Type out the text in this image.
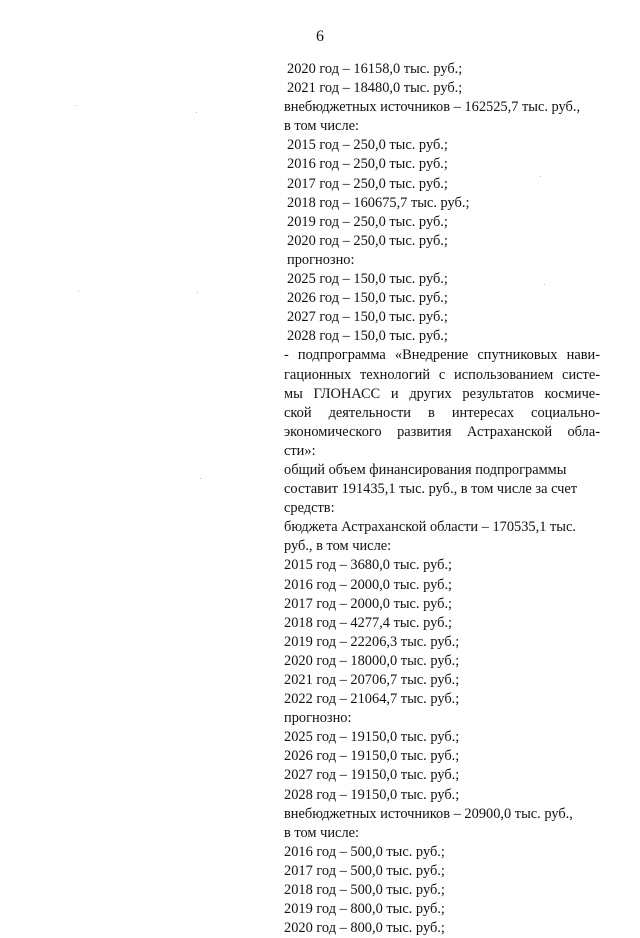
6
2020 год – 16158,0 тыс. руб.;
2021 год – 18480,0 тыс. руб.;
внебюджетных источников – 162525,7 тыс. руб.,
в том числе:
2015 год – 250,0 тыс. руб.;
2016 год – 250,0 тыс. руб.;
2017 год – 250,0 тыс. руб.;
2018 год – 160675,7 тыс. руб.;
2019 год – 250,0 тыс. руб.;
2020 год – 250,0 тыс. руб.;
прогнозно:
2025 год – 150,0 тыс. руб.;
2026 год – 150,0 тыс. руб.;
2027 год – 150,0 тыс. руб.;
2028 год – 150,0 тыс. руб.;
- подпрограмма «Внедрение спутниковых нави-
гационных технологий с использованием систе-
мы ГЛОНАСС и других результатов космиче-
ской деятельности в интересах социально-
экономического развития Астраханской обла-
сти»:
общий объем финансирования подпрограммы
составит 191435,1 тыс. руб., в том числе за счет
средств:
бюджета Астраханской области – 170535,1 тыс.
руб., в том числе:
2015 год – 3680,0 тыс. руб.;
2016 год – 2000,0 тыс. руб.;
2017 год – 2000,0 тыс. руб.;
2018 год – 4277,4 тыс. руб.;
2019 год – 22206,3 тыс. руб.;
2020 год – 18000,0 тыс. руб.;
2021 год – 20706,7 тыс. руб.;
2022 год – 21064,7 тыс. руб.;
прогнозно:
2025 год – 19150,0 тыс. руб.;
2026 год – 19150,0 тыс. руб.;
2027 год – 19150,0 тыс. руб.;
2028 год – 19150,0 тыс. руб.;
внебюджетных источников – 20900,0 тыс. руб.,
в том числе:
2016 год – 500,0 тыс. руб.;
2017 год – 500,0 тыс. руб.;
2018 год – 500,0 тыс. руб.;
2019 год – 800,0 тыс. руб.;
2020 год – 800,0 тыс. руб.;
